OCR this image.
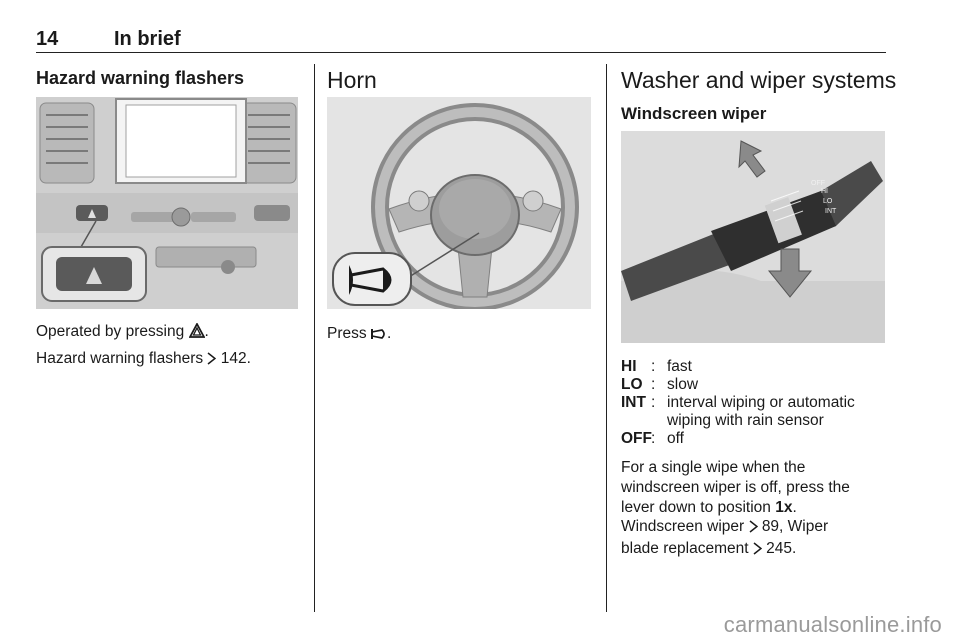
14	In brief
Hazard warning flashers

Operated by pressing .

Hazard warning flashers  142.

Horn

Press .

Washer and wiper systems
Windscreen wiper
HI
LO
INT
OFF
HI : fast
LO : slow
INT : interval wiping or automatic wiping with rain sensor
OFF : off

For a single wipe when the windscreen wiper is off, press the lever down to position 1x.

Windscreen wiper  89, Wiper
blade replacement  245.

carmanualsonline.info
